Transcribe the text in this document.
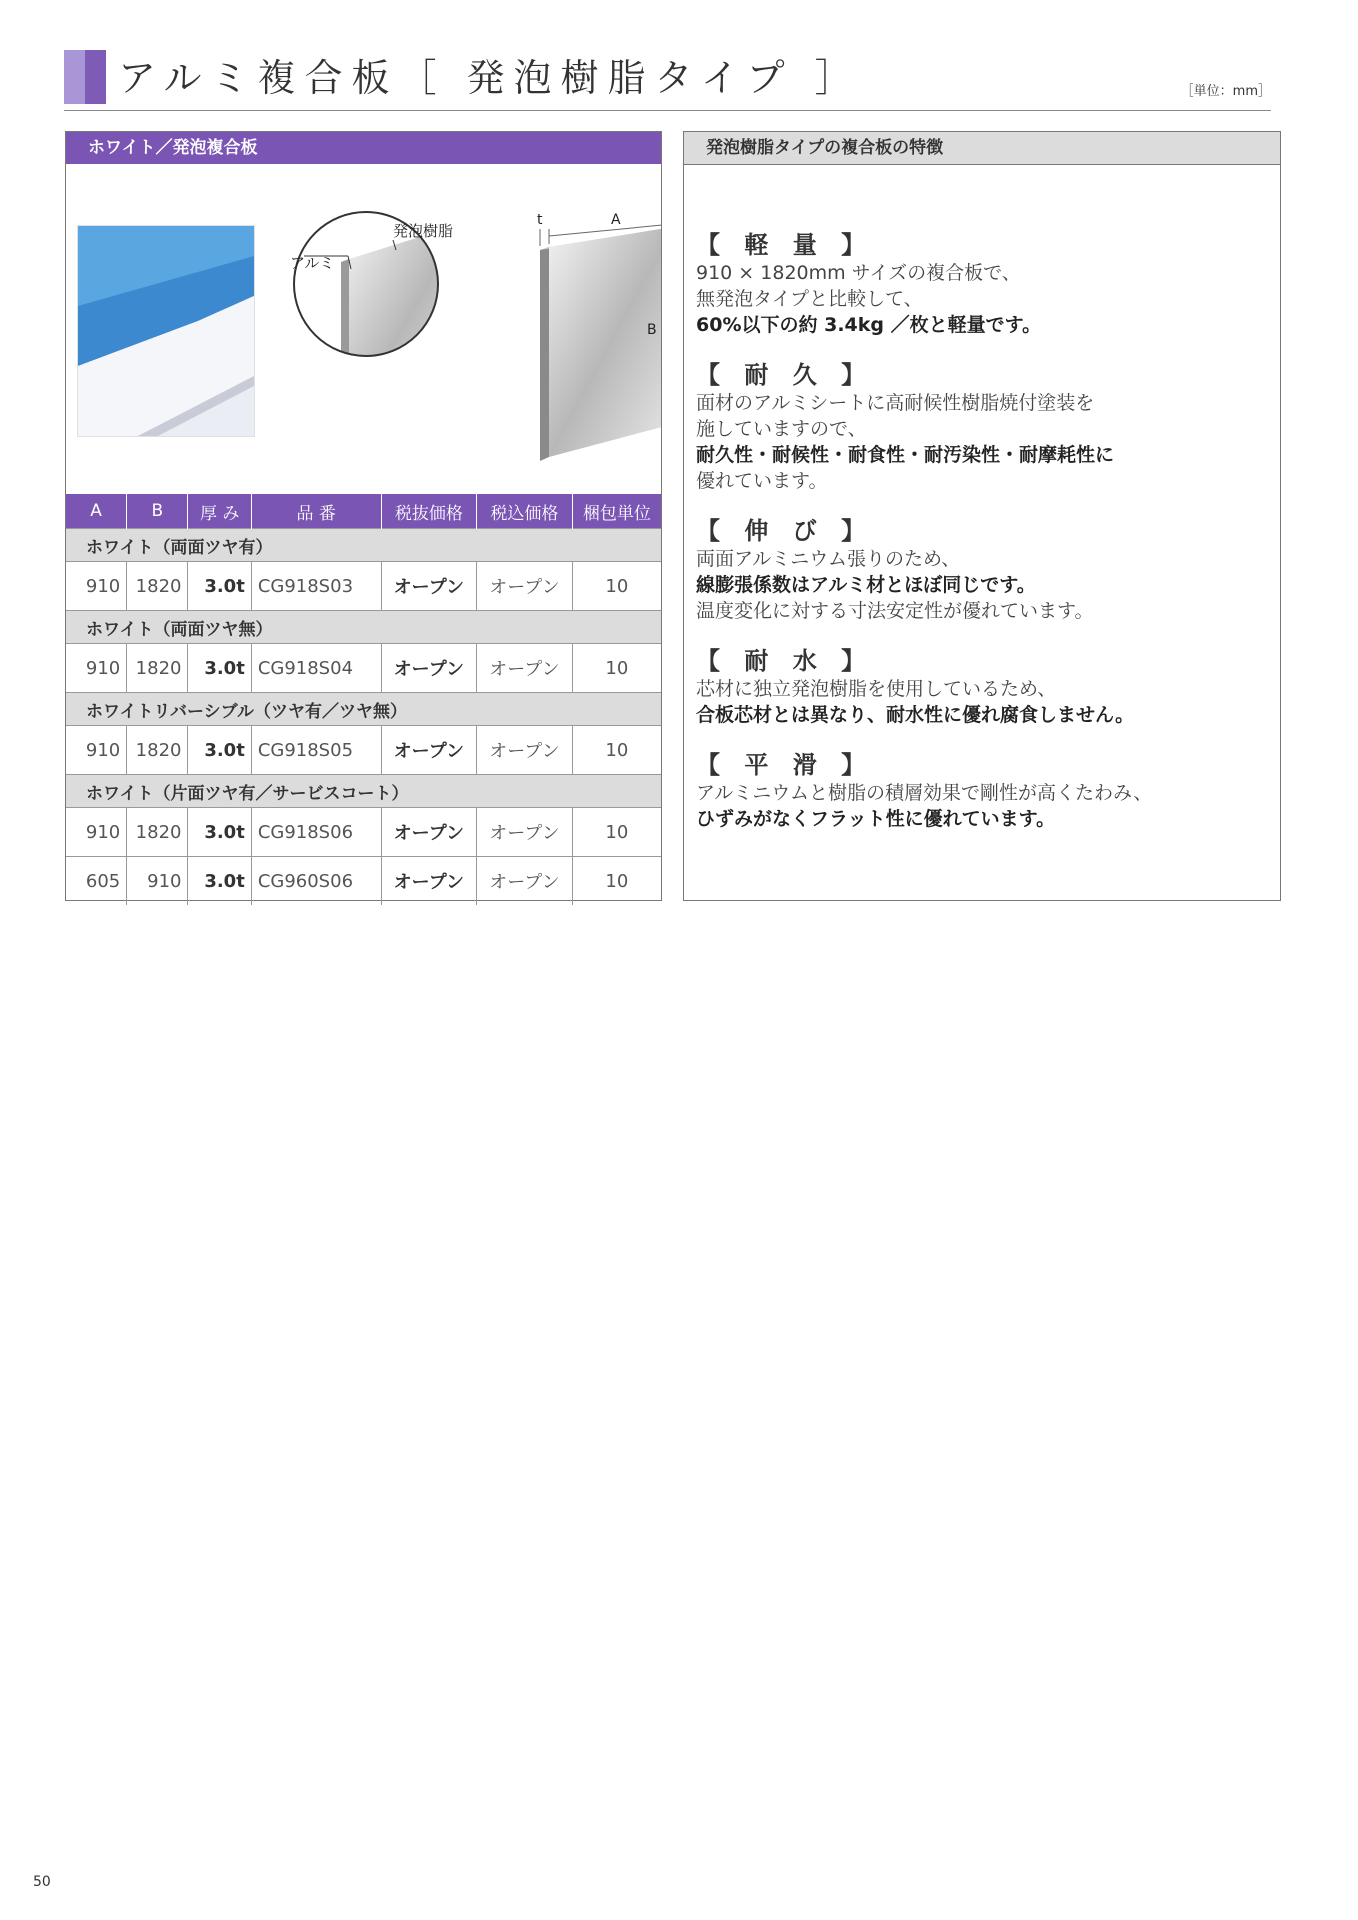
アルミ複合板［ 発泡樹脂タイプ ］	［単位：mm］
ホワイト／発泡複合板
発泡樹脂
アルミ
t	A
B
A	B	厚 み	品 番	税抜価格	税込価格	梱包単位
ホワイト（両面ツヤ有）						
910	1820	3.0t	CG918S03	オープン	オープン	10
ホワイト（両面ツヤ無）						
910	1820	3.0t	CG918S04	オープン	オープン	10
ホワイトリバーシブル（ツヤ有／ツヤ無）						
910	1820	3.0t	CG918S05	オープン	オープン	10
ホワイト（片面ツヤ有／サービスコート）						
910	1820	3.0t	CG918S06	オープン	オープン	10
605	910	3.0t	CG960S06	オープン	オープン	10
発泡樹脂タイプの複合板の特徴
【 軽 量 】

910 × 1820mm サイズの複合板で、

無発泡タイプと比較して、

60%以下の約 3.4kg ／枚と軽量です。

【 耐 久 】

面材のアルミシートに高耐候性樹脂焼付塗装を

施していますので、

耐久性・耐候性・耐食性・耐汚染性・耐摩耗性に

優れています。

【 伸 び 】

両面アルミニウム張りのため、

線膨張係数はアルミ材とほぼ同じです。

温度変化に対する寸法安定性が優れています。

【 耐 水 】

芯材に独立発泡樹脂を使用しているため、

合板芯材とは異なり、耐水性に優れ腐食しません。

【 平 滑 】

アルミニウムと樹脂の積層効果で剛性が高くたわみ、

ひずみがなくフラット性に優れています。

50
